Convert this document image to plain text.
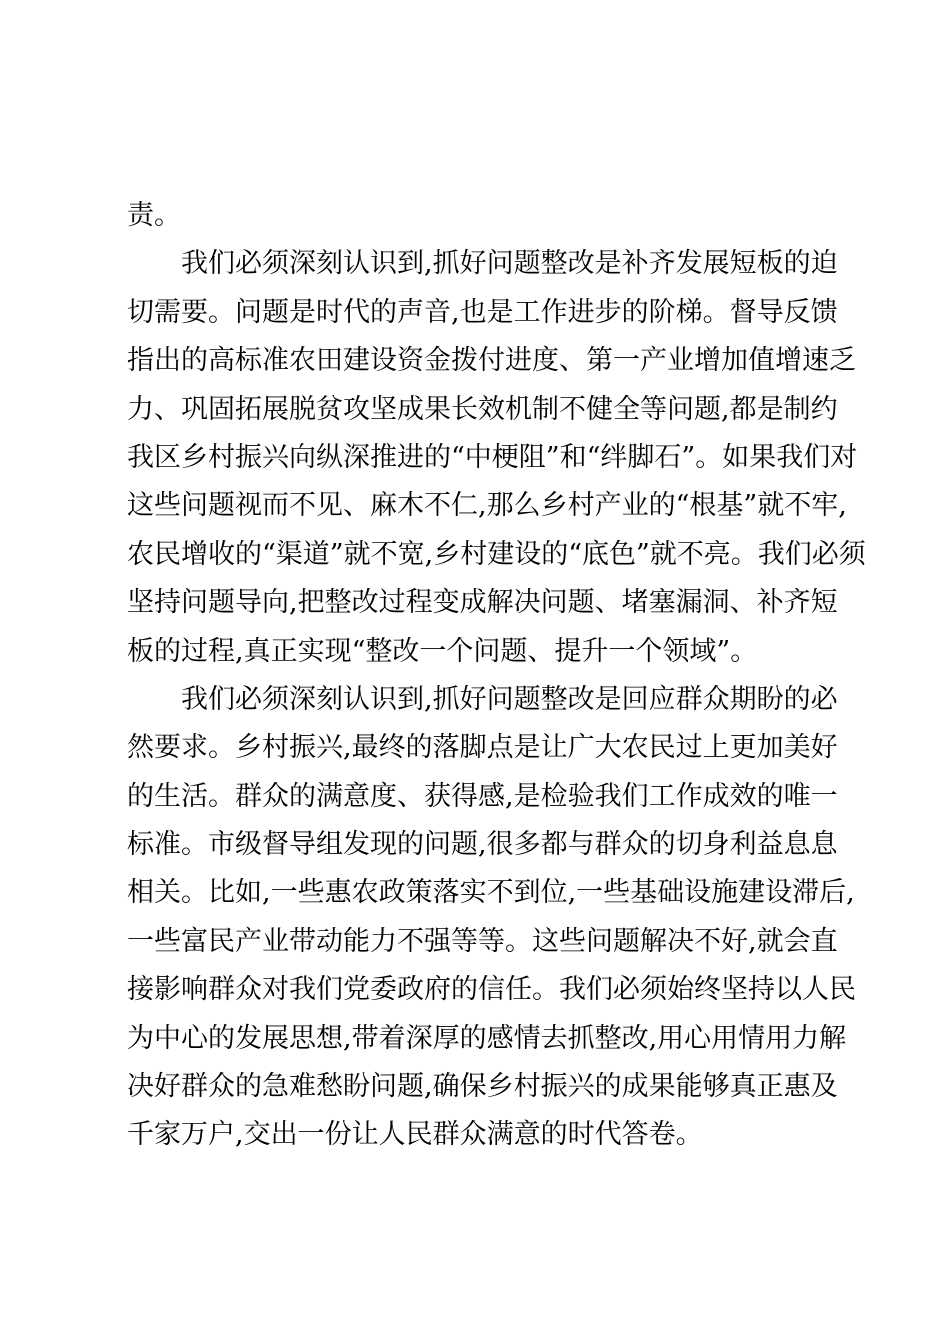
责。
我们必须深刻认识到,抓好问题整改是补齐发展短板的迫
切需要。问题是时代的声音,也是工作进步的阶梯。督导反馈
指出的高标准农田建设资金拨付进度、第一产业增加值增速乏
力、巩固拓展脱贫攻坚成果长效机制不健全等问题,都是制约
我区乡村振兴向纵深推进的“中梗阻”和“绊脚石”。如果我们对
这些问题视而不见、麻木不仁,那么乡村产业的“根基”就不牢,
农民增收的“渠道”就不宽,乡村建设的“底色”就不亮。我们必须
坚持问题导向,把整改过程变成解决问题、堵塞漏洞、补齐短
板的过程,真正实现“整改一个问题、提升一个领域”。
我们必须深刻认识到,抓好问题整改是回应群众期盼的必
然要求。乡村振兴,最终的落脚点是让广大农民过上更加美好
的生活。群众的满意度、获得感,是检验我们工作成效的唯一
标准。市级督导组发现的问题,很多都与群众的切身利益息息
相关。比如,一些惠农政策落实不到位,一些基础设施建设滞后,
一些富民产业带动能力不强等等。这些问题解决不好,就会直
接影响群众对我们党委政府的信任。我们必须始终坚持以人民
为中心的发展思想,带着深厚的感情去抓整改,用心用情用力解
决好群众的急难愁盼问题,确保乡村振兴的成果能够真正惠及
千家万户,交出一份让人民群众满意的时代答卷。
